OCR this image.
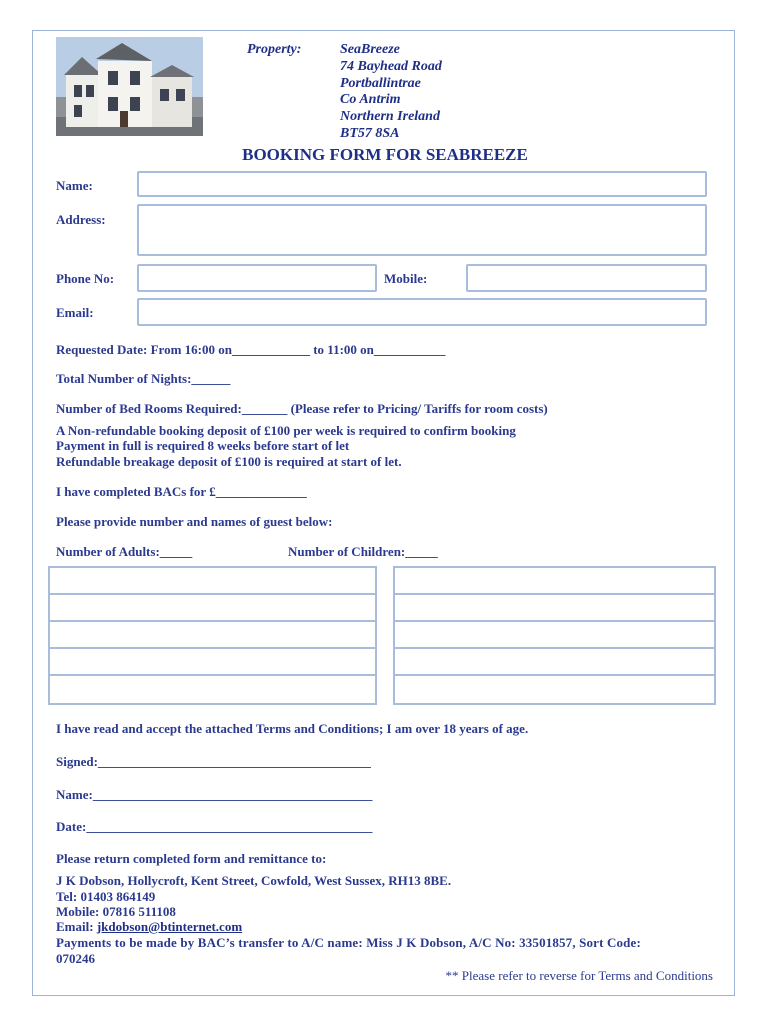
Property:	SeaBreeze
74 Bayhead Road
Portballintrae
Co Antrim
Northern Ireland
BT57 8SA
BOOKING FORM FOR SEABREEZE
Name:
Address:
Phone No:	Mobile:
Email:
Requested Date: From 16:00 on____________ to 11:00 on___________
Total Number of Nights:______
Number of Bed Rooms Required:_______ (Please refer to Pricing/ Tariffs for room costs)
A Non-refundable booking deposit of £100 per week is required to confirm booking
Payment in full is required 8 weeks before start of let
Refundable breakage deposit of £100 is required at start of let.
I have completed BACs for £______________
Please provide number and names of guest below:
Number of Adults:_____	Number of Children:_____
I have read and accept the attached Terms and Conditions; I am over 18 years of age.
Signed:__________________________________________
Name:___________________________________________
Date:____________________________________________
Please return completed form and remittance to:
J K Dobson, Hollycroft, Kent Street, Cowfold, West Sussex, RH13 8BE.
Tel: 01403 864149
Mobile: 07816 511108
Email: jkdobson@btinternet.com
Payments to be made by BAC’s transfer to A/C name: Miss J K Dobson, A/C No: 33501857, Sort Code:
070246
** Please refer to reverse for Terms and Conditions
